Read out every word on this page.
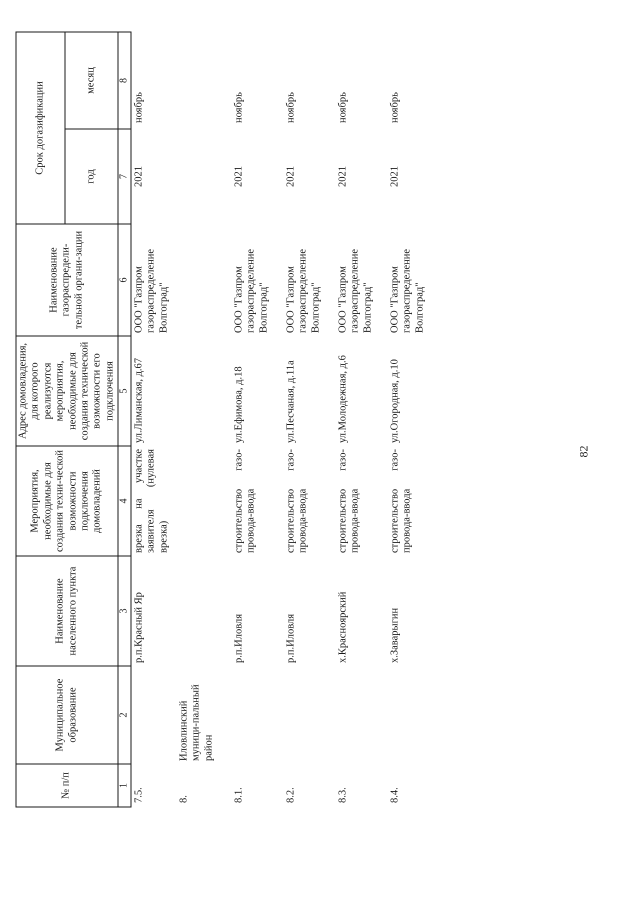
82
№ п/п	Муниципальное образование	Наименование населенного пункта	Мероприятия, необходимые для создания техни-ческой возможности подключения домовладений	Адрес домовладения, для которого реализуются мероприятия, необходимые для создания технической возможности его подключения	Наименование газораспредели-тельной органи-зации	Срок догазификации	
						год	месяц
1	2	3	4	5	6	7	8
7.5.		р.п.Красный Яр	врезка на участке заявителя (нулевая врезка)	ул.Лиманская, д.67	ООО "Газпром газораспределение Волгоград"	2021	ноябрь
8.	Иловлинский муници-пальный район						
8.1.		р.п.Иловля	строительство газо-провода-ввода	ул.Ефимова, д.18	ООО "Газпром газораспределение Волгоград"	2021	ноябрь
8.2.		р.п.Иловля	строительство газо-провода-ввода	ул.Песчаная, д.11а	ООО "Газпром газораспределение Волгоград"	2021	ноябрь
8.3.		х.Краснoярский	строительство газо-провода-ввода	ул.Молодежная, д.6	ООО "Газпром газораспределение Волгоград"	2021	ноябрь
8.4.		х.Заварыгин	строительство газо-провода-ввода	ул.Огородная, д.10	ООО "Газпром газораспределение Волгоград"	2021	ноябрь
